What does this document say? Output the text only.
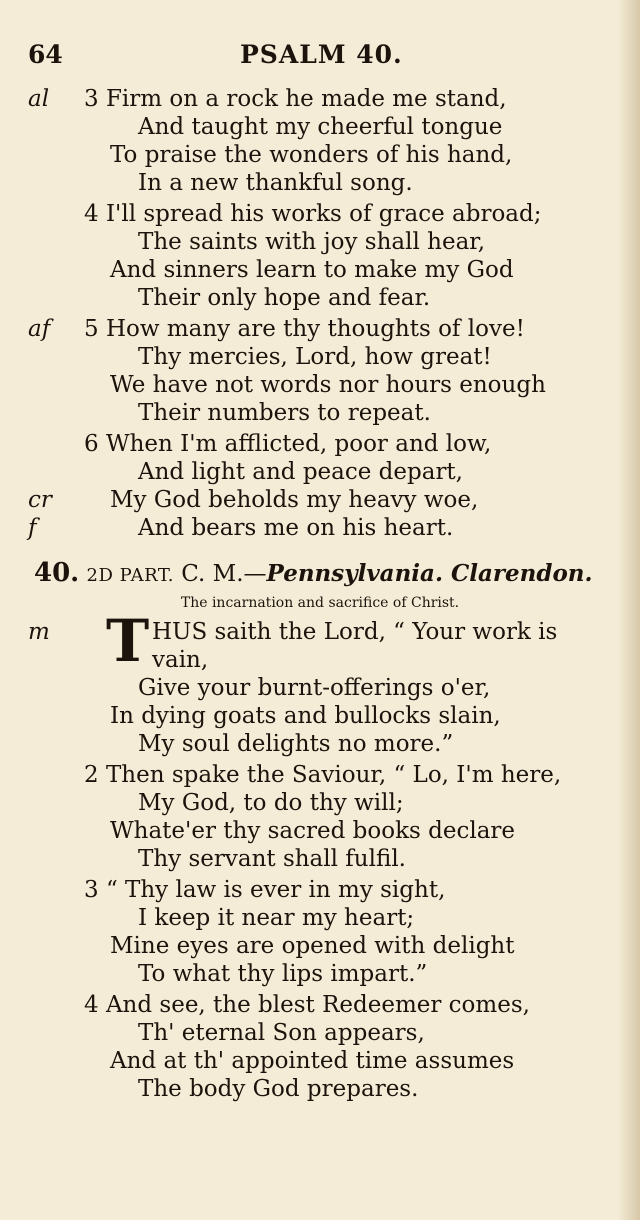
64	PSALM 40.
al 3 Firm on a rock he made me stand,
And taught my cheerful tongue
To praise the wonders of his hand,
In a new thankful song.
4 I'll spread his works of grace abroad;
The saints with joy shall hear,
And sinners learn to make my God
Their only hope and fear.
af 5 How many are thy thoughts of love!
Thy mercies, Lord, how great!
We have not words nor hours enough
Their numbers to repeat.
6 When I'm afflicted, poor and low,
And light and peace depart,
cr	My God beholds my heavy woe,
f	And bears me on his heart.
40. 2D PART. C. M.—Pennsylvania. Clarendon.
The incarnation and sacrifice of Christ.
m T HUS saith the Lord, “ Your work is
vain,
Give your burnt-offerings o'er,
In dying goats and bullocks slain,
My soul delights no more.”
2 Then spake the Saviour, “ Lo, I'm here,
My God, to do thy will;
Whate'er thy sacred books declare
Thy servant shall fulfil.
3 “ Thy law is ever in my sight,
I keep it near my heart;
Mine eyes are opened with delight
To what thy lips impart.”
4 And see, the blest Redeemer comes,
Th' eternal Son appears,
And at th' appointed time assumes
The body God prepares.
